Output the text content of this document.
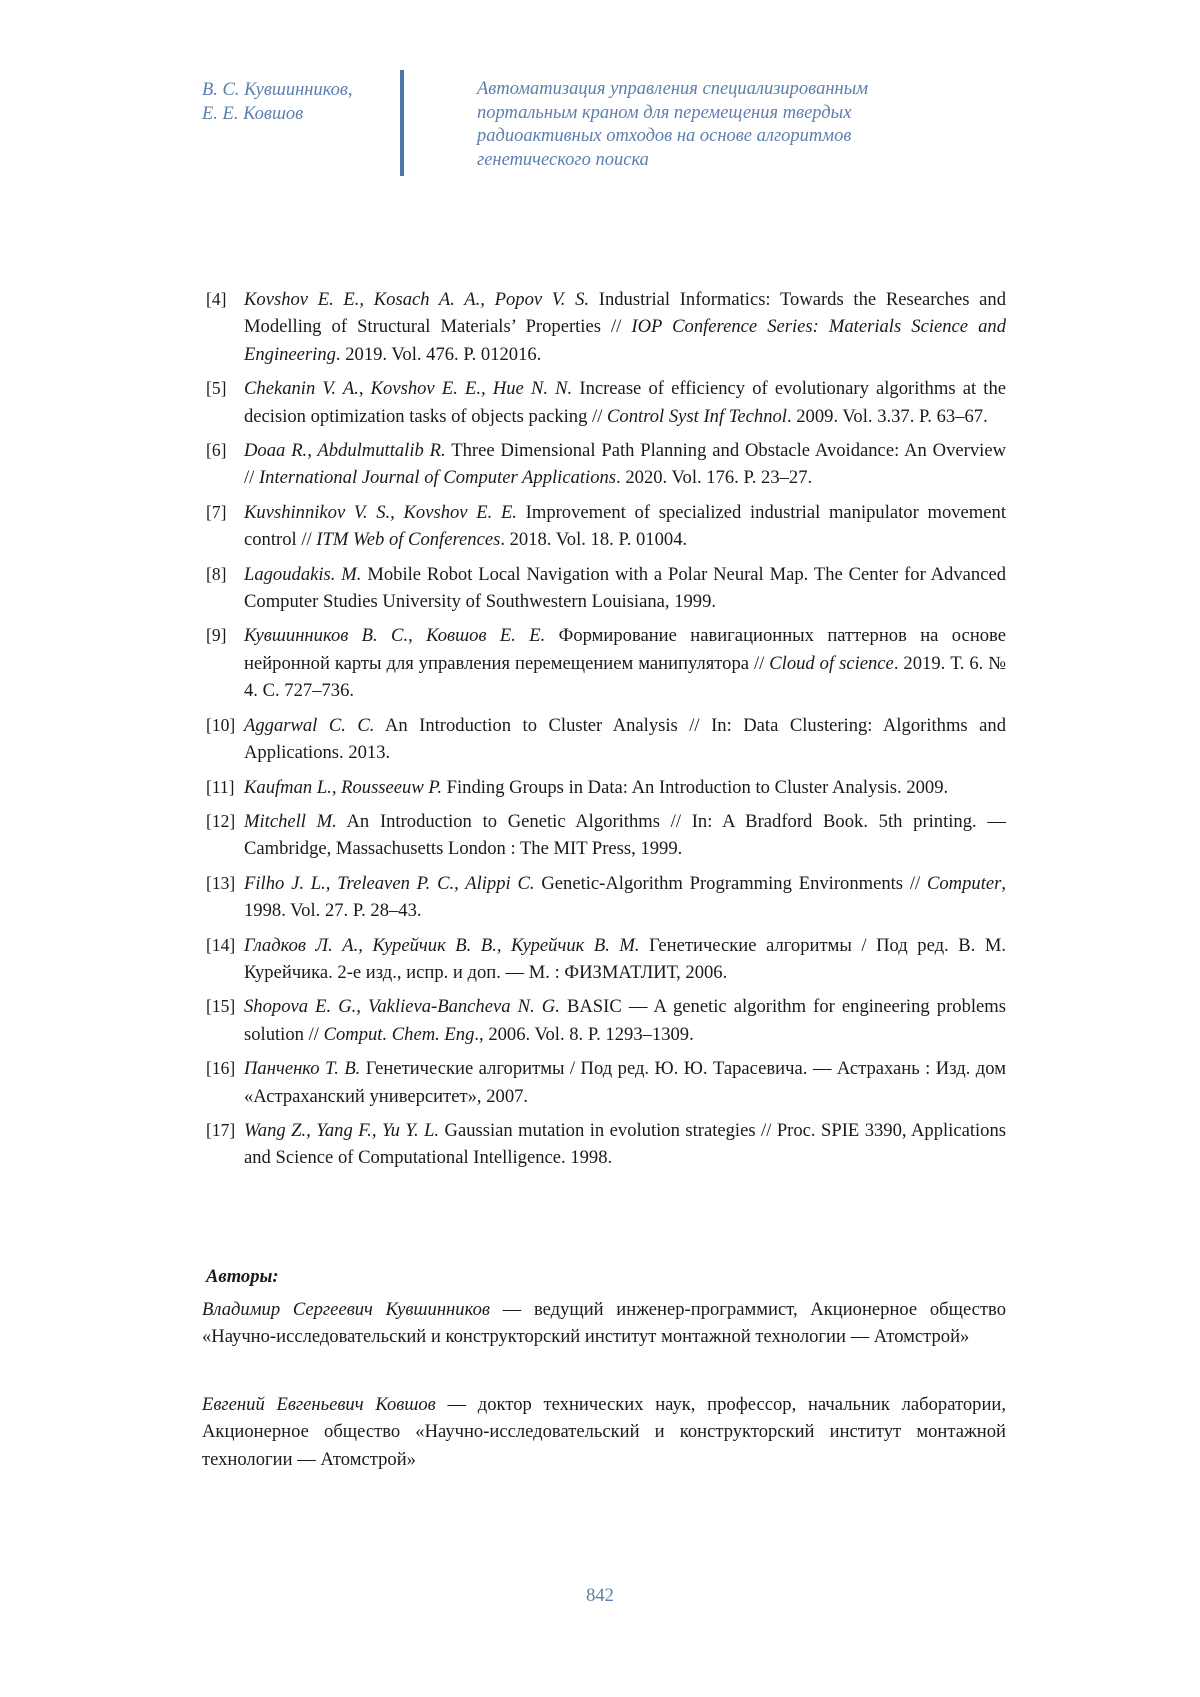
В. С. Кувшинников,
Е. Е. Ковшов
Автоматизация управления специализированным
портальным краном для перемещения твердых
радиоактивных отходов на основе алгоритмов
генетического поиска
[4] Kovshov E. E., Kosach A. A., Popov V. S. Industrial Informatics: Towards the Researches and Modelling of Structural Materials’ Properties // IOP Conference Series: Materials Science and Engineering. 2019. Vol. 476. P. 012016.
[5] Chekanin V. A., Kovshov E. E., Hue N. N. Increase of efficiency of evolutionary algorithms at the decision optimization tasks of objects packing // Control Syst Inf Technol. 2009. Vol. 3.37. P. 63–67.
[6] Doaa R., Abdulmuttalib R. Three Dimensional Path Planning and Obstacle Avoidance: An Overview // International Journal of Computer Applications. 2020. Vol. 176. P. 23–27.
[7] Kuvshinnikov V. S., Kovshov E. E. Improvement of specialized industrial manipulator movement control // ITM Web of Conferences. 2018. Vol. 18. P. 01004.
[8] Lagoudakis. M. Mobile Robot Local Navigation with a Polar Neural Map. The Center for Advanced Computer Studies University of Southwestern Louisiana, 1999.
[9] Кувшинников В. С., Ковшов Е. Е. Формирование навигационных паттернов на основе нейронной карты для управления перемещением манипулятора // Cloud of science. 2019. Т. 6. № 4. С. 727–736.
[10] Aggarwal C. C. An Introduction to Cluster Analysis // In: Data Clustering: Algorithms and Applications. 2013.
[11] Kaufman L., Rousseeuw P. Finding Groups in Data: An Introduction to Cluster Analysis. 2009.
[12] Mitchell M. An Introduction to Genetic Algorithms // In: A Bradford Book. 5th printing. — Cambridge, Massachusetts London : The MIT Press, 1999.
[13] Filho J. L., Treleaven P. C., Alippi C. Genetic-Algorithm Programming Environments // Computer, 1998. Vol. 27. P. 28–43.
[14] Гладков Л. А., Курейчик В. В., Курейчик В. М. Генетические алгоритмы / Под ред. В. М. Курейчика. 2-е изд., испр. и доп. — М. : ФИЗМАТЛИТ, 2006.
[15] Shopova E. G., Vaklieva-Bancheva N. G. BASIC — A genetic algorithm for engineering problems solution // Comput. Chem. Eng., 2006. Vol. 8. P. 1293–1309.
[16] Панченко Т. В. Генетические алгоритмы / Под ред. Ю. Ю. Тарасевича. — Астрахань : Изд. дом «Астраханский университет», 2007.
[17] Wang Z., Yang F., Yu Y. L. Gaussian mutation in evolution strategies // Proc. SPIE 3390, Applications and Science of Computational Intelligence. 1998.
Авторы:
Владимир Сергеевич Кувшинников — ведущий инженер-программист, Акционерное общество «Научно-исследовательский и конструкторский институт монтажной технологии — Атомстрой»
Евгений Евгеньевич Ковшов — доктор технических наук, профессор, начальник лаборатории, Акционерное общество «Научно-исследовательский и конструкторский институт монтажной технологии — Атомстрой»
842
